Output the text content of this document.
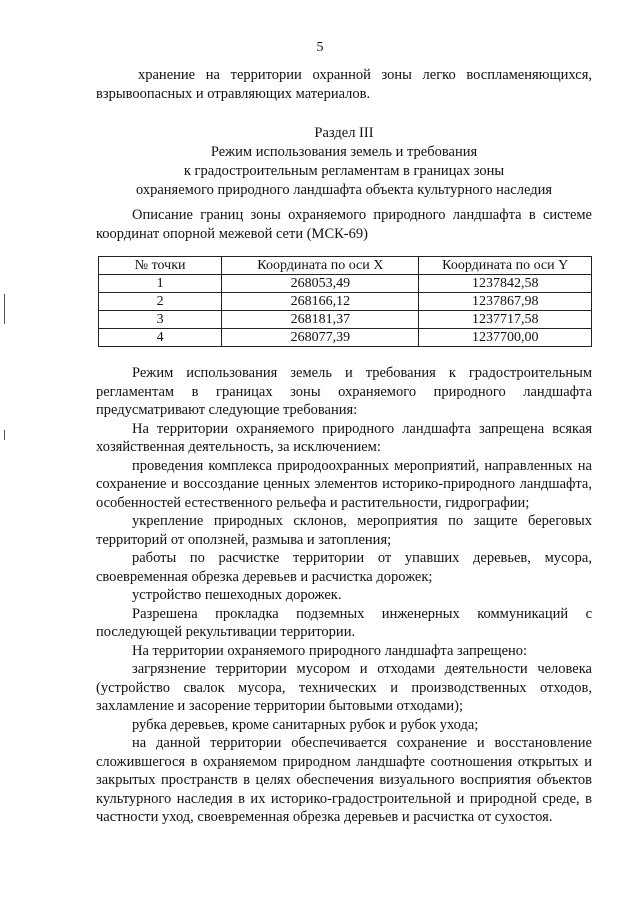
5

хранение на территории охранной зоны легко воспламеняющихся,

взрывоопасных и отравляющих материалов.

Раздел III

Режим использования земель и требования

к градостроительным регламентам в границах зоны

охраняемого природного ландшафта объекта культурного наследия

Описание границ зоны охраняемого природного ландшафта в системе координат опорной межевой сети (МСК-69)

№ точки	Координата по оси X	Координата по оси Y
1	268053,49	1237842,58
2	268166,12	1237867,98
3	268181,37	1237717,58
4	268077,39	1237700,00

Режим использования земель и требования к градостроительным регламентам в границах зоны охраняемого природного ландшафта предусматривают следующие требования:

На территории охраняемого природного ландшафта запрещена всякая хозяйственная деятельность, за исключением:

проведения комплекса природоохранных мероприятий, направленных на сохранение и воссоздание ценных элементов историко-природного ландшафта, особенностей естественного рельефа и растительности, гидрографии;

укрепление природных склонов, мероприятия по защите береговых территорий от оползней, размыва и затопления;

работы по расчистке территории от упавших деревьев, мусора, своевременная обрезка деревьев и расчистка дорожек;

устройство пешеходных дорожек.

Разрешена прокладка подземных инженерных коммуникаций с последующей рекультивации территории.

На территории охраняемого природного ландшафта запрещено:

загрязнение территории мусором и отходами деятельности человека (устройство свалок мусора, технических и производственных отходов, захламление и засорение территории бытовыми отходами);

рубка деревьев, кроме санитарных рубок и рубок ухода;

на данной территории обеспечивается сохранение и восстановление сложившегося в охраняемом природном ландшафте соотношения открытых и закрытых пространств в целях обеспечения визуального восприятия объектов культурного наследия в их историко-градостроительной и природной среде, в частности уход, своевременная обрезка деревьев и расчистка от сухостоя.
